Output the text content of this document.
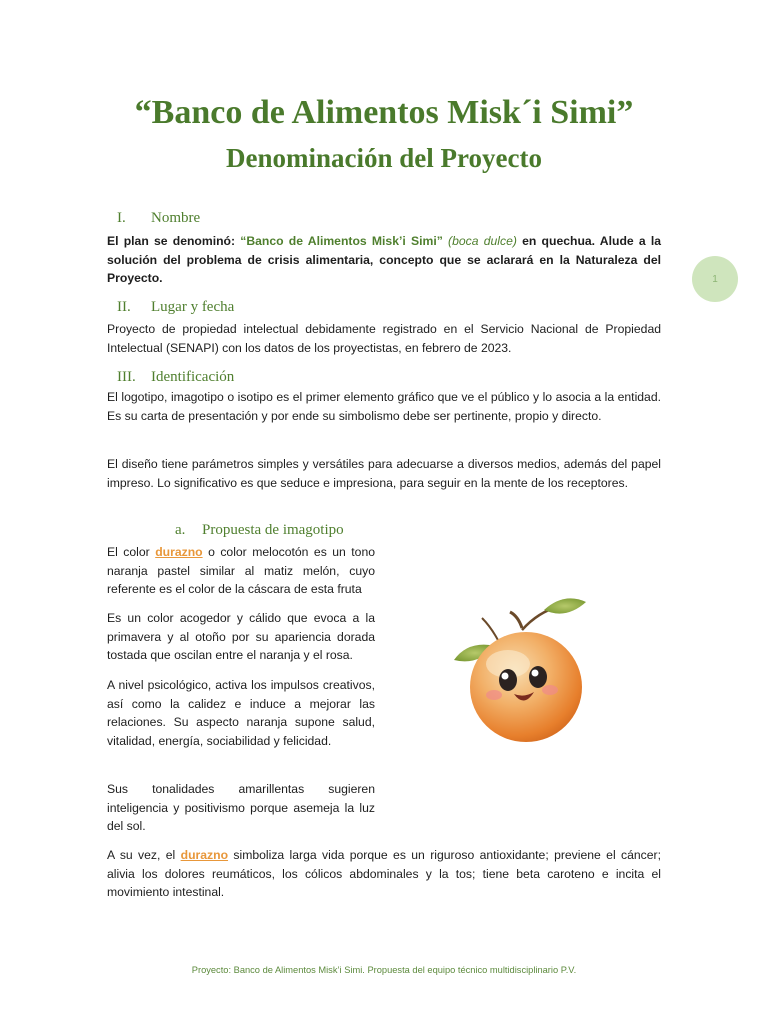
“Banco de Alimentos Misk´i Simi”
Denominación del Proyecto
I. Nombre
El plan se denominó: “Banco de Alimentos Misk’i Simi” (boca dulce) en quechua. Alude a la solución del problema de crisis alimentaria, concepto que se aclarará en la Naturaleza del Proyecto.
II. Lugar y fecha
Proyecto de propiedad intelectual debidamente registrado en el Servicio Nacional de Propiedad Intelectual (SENAPI) con los datos de los proyectistas, en febrero de 2023.
III. Identificación
El logotipo, imagotipo o isotipo es el primer elemento gráfico que ve el público y lo asocia a la entidad. Es su carta de presentación y por ende su simbolismo debe ser pertinente, propio y directo.
El diseño tiene parámetros simples y versátiles para adecuarse a diversos medios, además del papel impreso. Lo significativo es que seduce e impresiona, para seguir en la mente de los receptores.
a. Propuesta de imagotipo
El color durazno o color melocotón es un tono naranja pastel similar al matiz melón, cuyo referente es el color de la cáscara de esta fruta
Es un color acogedor y cálido que evoca a la primavera y al otoño por su apariencia dorada tostada que oscilan entre el naranja y el rosa.
A nivel psicológico, activa los impulsos creativos, así como la calidez e induce a mejorar las relaciones. Su aspecto naranja supone salud, vitalidad, energía, sociabilidad y felicidad.
Sus tonalidades amarillentas sugieren inteligencia y positivismo porque asemeja la luz del sol.
A su vez, el durazno simboliza larga vida porque es un riguroso antioxidante; previene el cáncer; alivia los dolores reumáticos, los cólicos abdominales y la tos; tiene beta caroteno e incita el movimiento intestinal.
1
Proyecto: Banco de Alimentos Misk’i Simi. Propuesta del equipo técnico multidisciplinario P.V.
